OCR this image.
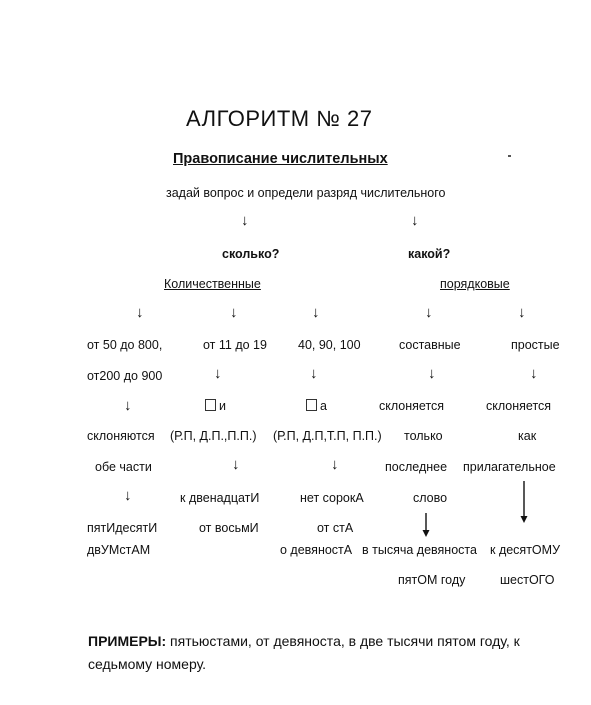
АЛГОРИТМ № 27
Правописание числительных
задай вопрос и определи разряд числительного
↓	↓
сколько?	какой?
Количественные	порядковые
↓	↓	↓	↓	↓
от 50 до 800,	от 11 до 19 40, 90, 100	составные	простые
от200 до 900	↓	↓	↓	↓
↓	и	а	склоняется	склоняется
склоняются (Р.П, Д.П.,П.П.) (Р.П, Д.П,Т.П, П.П.) только	как
обе части	↓	↓	последнее прилагательное
↓	к двенадцатИ	нет сорокА	слово
пятИдесятИ	от восьмИ	от стА
двУМстАМ	о девяностА в тысяча девяноста к десятОМУ
пятОМ году	шестОГО
ПРИМЕРЫ: пятьюстами, от девяноста, в две тысячи пятом году, к седьмому номеру.
